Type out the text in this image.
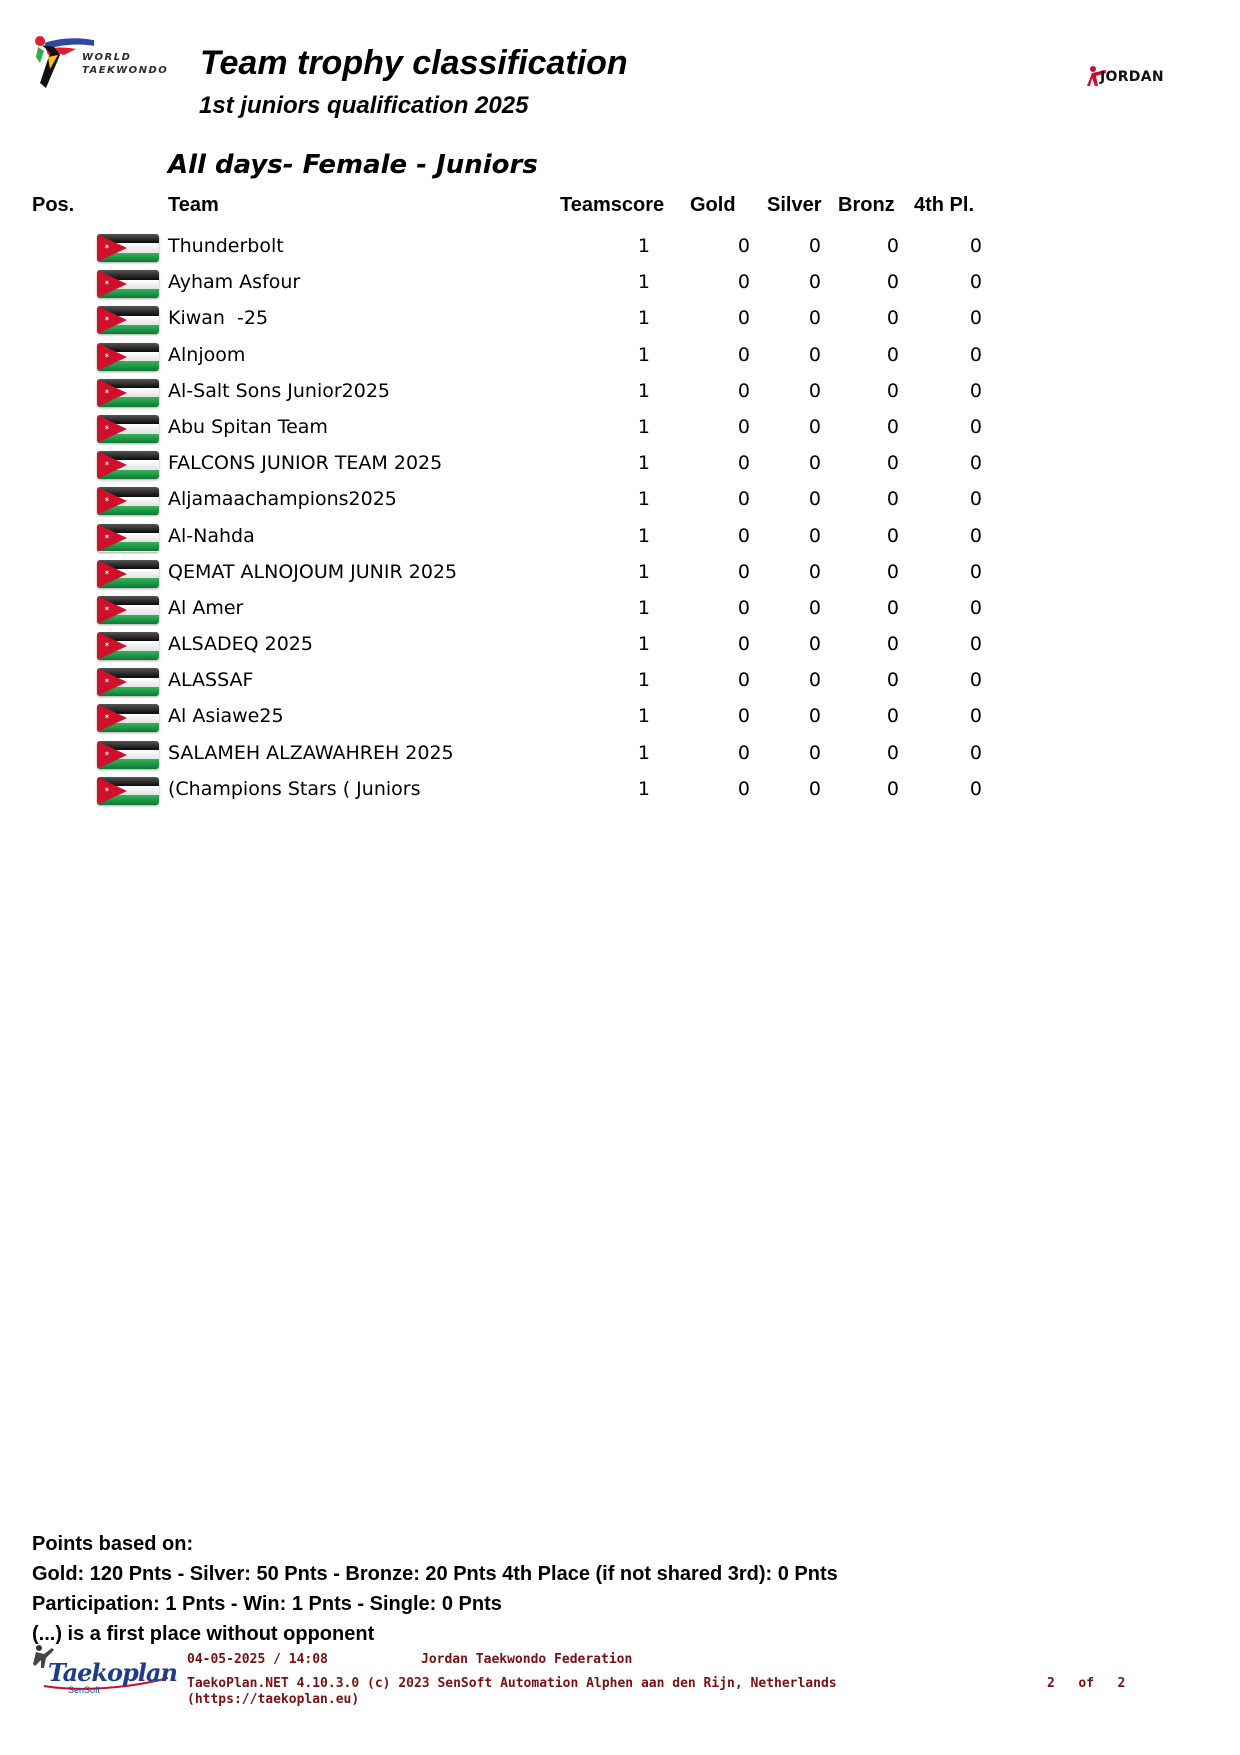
WORLD
TAEKWONDO Team trophy classification
1st juniors qualification 2025
JORDAN
All days- Female - Juniors
Pos.	Team	Teamscore Gold Silver Bronz 4th Pl.
✶	Thunderbolt	1	0	0	0	0
✶	Ayham Asfour	1	0	0	0	0
✶	Kiwan  -25	1	0	0	0	0
✶	Alnjoom	1	0	0	0	0
✶	Al-Salt Sons Junior2025	1	0	0	0	0
✶	Abu Spitan Team	1	0	0	0	0
✶	FALCONS JUNIOR TEAM 2025	1	0	0	0	0
✶	Aljamaachampions2025	1	0	0	0	0
✶	Al-Nahda	1	0	0	0	0
✶	QEMAT ALNOJOUM JUNIR 2025	1	0	0	0	0
✶	Al Amer	1	0	0	0	0
✶	ALSADEQ 2025	1	0	0	0	0
✶	ALASSAF	1	0	0	0	0
✶	Al Asiawe25	1	0	0	0	0
✶	SALAMEH ALZAWAHREH 2025	1	0	0	0	0
✶	(Champions Stars ( Juniors	1	0	0	0	0
Points based on:
Gold: 120 Pnts - Silver: 50 Pnts - Bronze: 20 Pnts 4th Place (if not shared 3rd): 0 Pnts
Participation: 1 Pnts - Win: 1 Pnts - Single: 0 Pnts
(...) is a first place without opponent
Taekoplan
SenSoft
04-05-2025 / 14:08	Jordan Taekwondo Federation
TaekoPlan.NET 4.10.3.0 (c) 2023 SenSoft Automation Alphen aan den Rijn, Netherlands
(https://taekoplan.eu)
2 of 2
